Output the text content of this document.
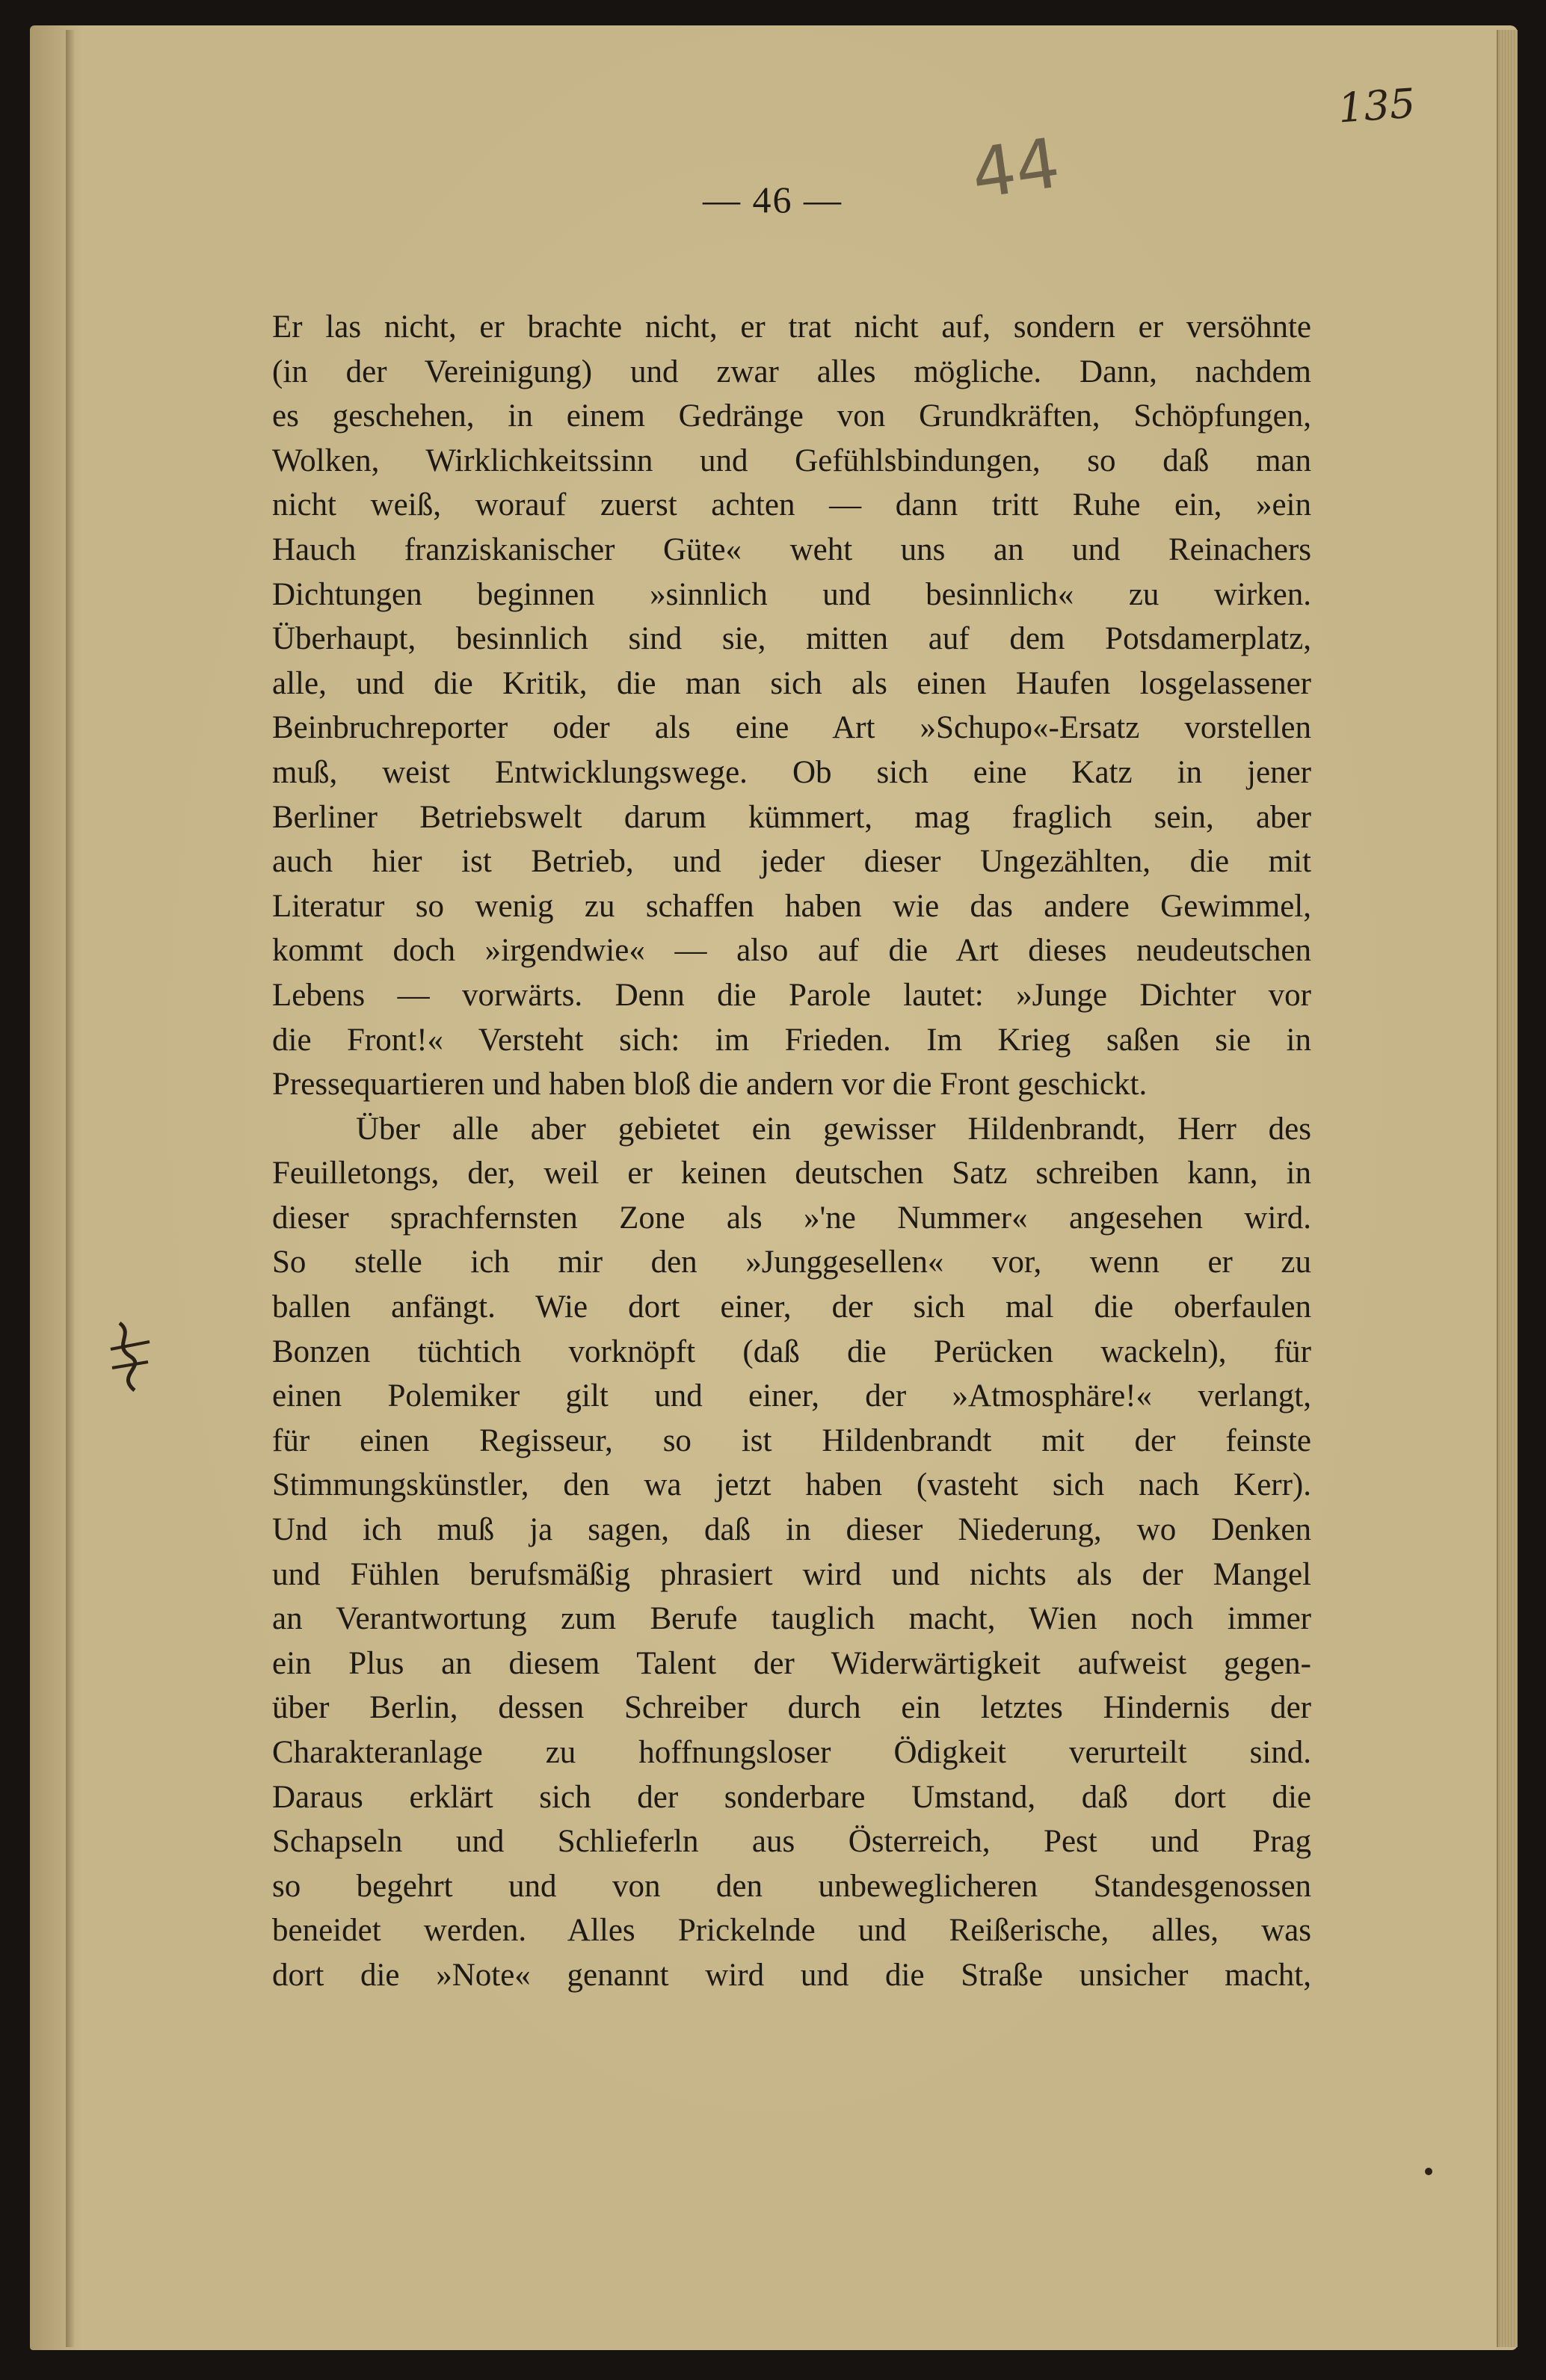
135
— 46 — 44
Er las nicht, er brachte nicht, er trat nicht auf, sondern er versöhnte
(in der Vereinigung) und zwar alles mögliche. Dann, nachdem
es geschehen, in einem Gedränge von Grundkräften, Schöpfungen,
Wolken, Wirklichkeitssinn und Gefühlsbindungen, so daß man
nicht weiß, worauf zuerst achten — dann tritt Ruhe ein, »ein
Hauch franziskanischer Güte« weht uns an und Reinachers
Dichtungen beginnen »sinnlich und besinnlich« zu wirken.
Überhaupt, besinnlich sind sie, mitten auf dem Potsdamerplatz,
alle, und die Kritik, die man sich als einen Haufen losgelassener
Beinbruchreporter oder als eine Art »Schupo«-Ersatz vorstellen
muß, weist Entwicklungswege. Ob sich eine Katz in jener
Berliner Betriebswelt darum kümmert, mag fraglich sein, aber
auch hier ist Betrieb, und jeder dieser Ungezählten, die mit
Literatur so wenig zu schaffen haben wie das andere Gewimmel,
kommt doch »irgendwie« — also auf die Art dieses neudeutschen
Lebens — vorwärts. Denn die Parole lautet: »Junge Dichter vor
die Front!« Versteht sich: im Frieden. Im Krieg saßen sie in
Pressequartieren und haben bloß die andern vor die Front geschickt.
Über alle aber gebietet ein gewisser Hildenbrandt, Herr des
Feuilletongs, der, weil er keinen deutschen Satz schreiben kann, in
dieser sprachfernsten Zone als »'ne Nummer« angesehen wird.
So stelle ich mir den »Junggesellen« vor, wenn er zu
ballen anfängt. Wie dort einer, der sich mal die oberfaulen
Bonzen tüchtich vorknöpft (daß die Perücken wackeln), für
einen Polemiker gilt und einer, der »Atmosphäre!« verlangt,
für einen Regisseur, so ist Hildenbrandt mit der feinste
Stimmungskünstler, den wa jetzt haben (vasteht sich nach Kerr).
Und ich muß ja sagen, daß in dieser Niederung, wo Denken
und Fühlen berufsmäßig phrasiert wird und nichts als der Mangel
an Verantwortung zum Berufe tauglich macht, Wien noch immer
ein Plus an diesem Talent der Widerwärtigkeit aufweist gegen-
über Berlin, dessen Schreiber durch ein letztes Hindernis der
Charakteranlage zu hoffnungsloser Ödigkeit verurteilt sind.
Daraus erklärt sich der sonderbare Umstand, daß dort die
Schapseln und Schlieferln aus Österreich, Pest und Prag
so begehrt und von den unbeweglicheren Standesgenossen
beneidet werden. Alles Prickelnde und Reißerische, alles, was
dort die »Note« genannt wird und die Straße unsicher macht,
